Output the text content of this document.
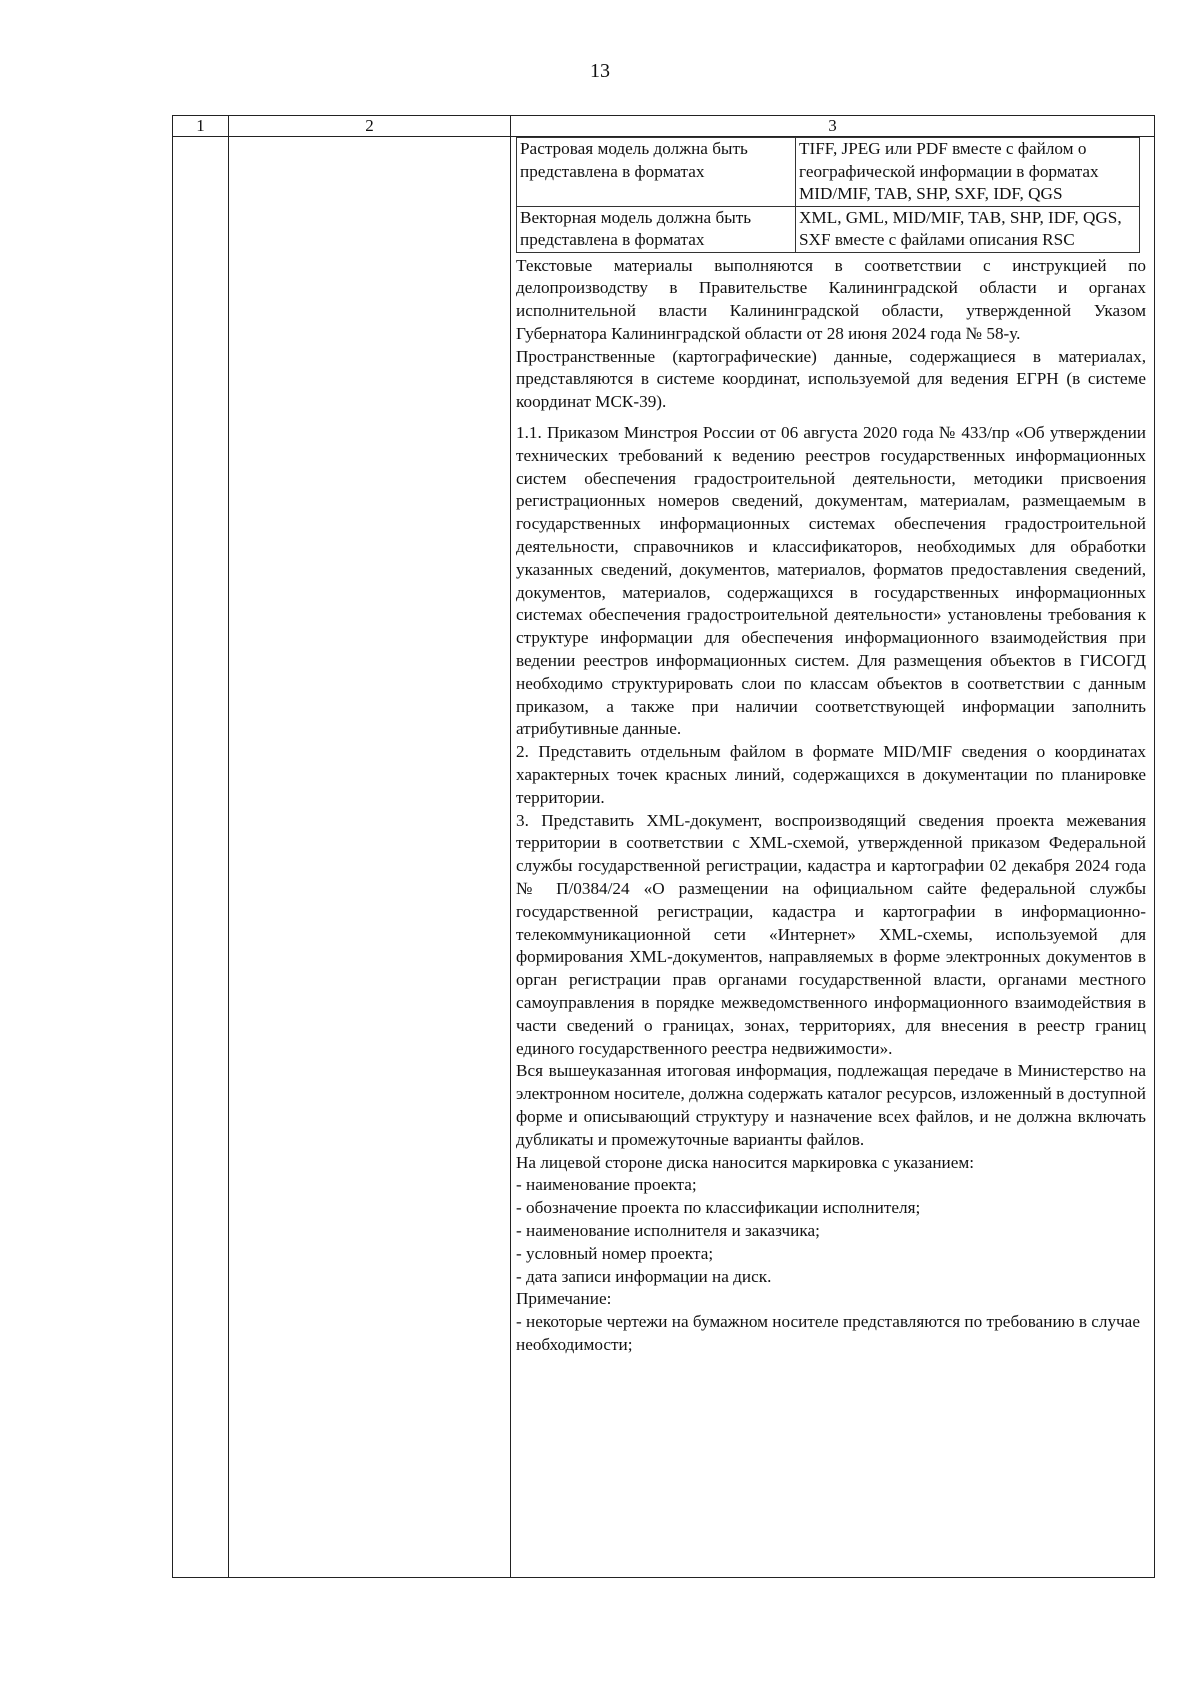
13
1	2	3
Растровая модель должна быть представлена в форматах	TIFF, JPEG или PDF вместе с файлом о географической информации в форматах MID/MIF, TAB, SHP, SXF, IDF, QGS
Векторная модель должна быть представлена в форматах	XML, GML, MID/MIF, TAB, SHP, IDF, QGS, SXF вместе с файлами описания RSC

Текстовые материалы выполняются в соответствии с инструкцией по делопроизводству в Правительстве Калининградской области и органах исполнительной власти Калининградской области, утвержденной Указом Губернатора Калининградской области от 28 июня 2024 года № 58-у.

Пространственные (картографические) данные, содержащиеся в материалах, представляются в системе координат, используемой для ведения ЕГРН (в системе координат МСК-39).

1.1. Приказом Минстроя России от 06 августа 2020 года № 433/пр «Об утверждении технических требований к ведению реестров государственных информационных систем обеспечения градостроительной деятельности, методики присвоения регистрационных номеров сведений, документам, материалам, размещаемым в государственных информационных системах обеспечения градостроительной деятельности, справочников и классификаторов, необходимых для обработки указанных сведений, документов, материалов, форматов предоставления сведений, документов, материалов, содержащихся в государственных информационных системах обеспечения градостроительной деятельности» установлены требования к структуре информации для обеспечения информационного взаимодействия при ведении реестров информационных систем. Для размещения объектов в ГИСОГД необходимо структурировать слои по классам объектов в соответствии с данным приказом, а также при наличии соответствующей информации заполнить атрибутивные данные.

2. Представить отдельным файлом в формате MID/MIF сведения о координатах характерных точек красных линий, содержащихся в документации по планировке территории.

3. Представить XML-документ, воспроизводящий сведения проекта межевания территории в соответствии с XML-схемой, утвержденной приказом Федеральной службы государственной регистрации, кадастра и картографии 02 декабря 2024 года № П/0384/24 «О размещении на официальном сайте федеральной службы государственной регистрации, кадастра и картографии в информационно-телекоммуникационной сети «Интернет» XML-схемы, используемой для формирования XML-документов, направляемых в форме электронных документов в орган регистрации прав органами государственной власти, органами местного самоуправления в порядке межведомственного информационного взаимодействия в части сведений о границах, зонах, территориях, для внесения в реестр границ единого государственного реестра недвижимости».

Вся вышеуказанная итоговая информация, подлежащая передаче в Министерство на электронном носителе, должна содержать каталог ресурсов, изложенный в доступной форме и описывающий структуру и назначение всех файлов, и не должна включать дубликаты и промежуточные варианты файлов.

На лицевой стороне диска наносится маркировка с указанием:

- наименование проекта;

- обозначение проекта по классификации исполнителя;

- наименование исполнителя и заказчика;

- условный номер проекта;

- дата записи информации на диск.

Примечание:

- некоторые чертежи на бумажном носителе представляются по требованию в случае необходимости;
